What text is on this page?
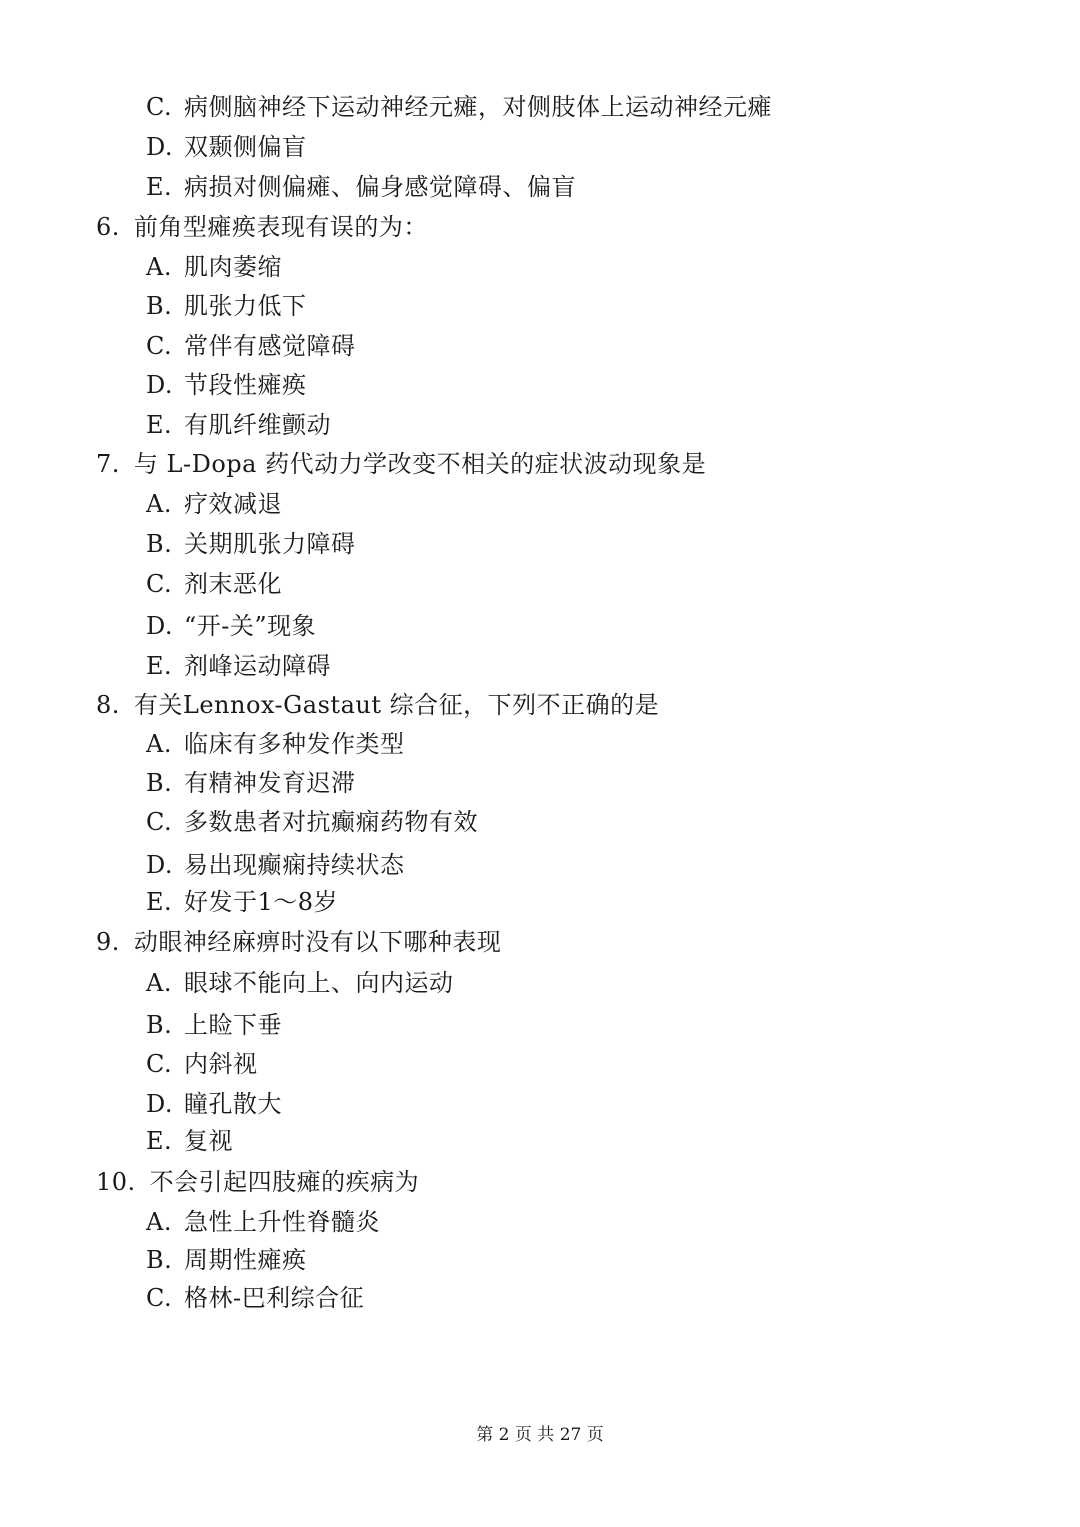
C. 病侧脑神经下运动神经元瘫，对侧肢体上运动神经元瘫
D. 双颞侧偏盲
E. 病损对侧偏瘫、偏身感觉障碍、偏盲
6. 前角型瘫痪表现有误的为：
A. 肌肉萎缩
B. 肌张力低下
C. 常伴有感觉障碍
D. 节段性瘫痪
E. 有肌纤维颤动
7. 与 L-Dopa 药代动力学改变不相关的症状波动现象是
A. 疗效减退
B. 关期肌张力障碍
C. 剂末恶化
D. “开-关”现象
E. 剂峰运动障碍
8. 有关Lennox-Gastaut 综合征，下列不正确的是
A. 临床有多种发作类型
B. 有精神发育迟滞
C. 多数患者对抗癫痫药物有效
D. 易出现癫痫持续状态
E. 好发于1～8岁
9. 动眼神经麻痹时没有以下哪种表现
A. 眼球不能向上、向内运动
B. 上睑下垂
C. 内斜视
D. 瞳孔散大
E. 复视
10. 不会引起四肢瘫的疾病为
A. 急性上升性脊髓炎
B. 周期性瘫痪
C. 格林-巴利综合征
第 2 页 共 27 页
